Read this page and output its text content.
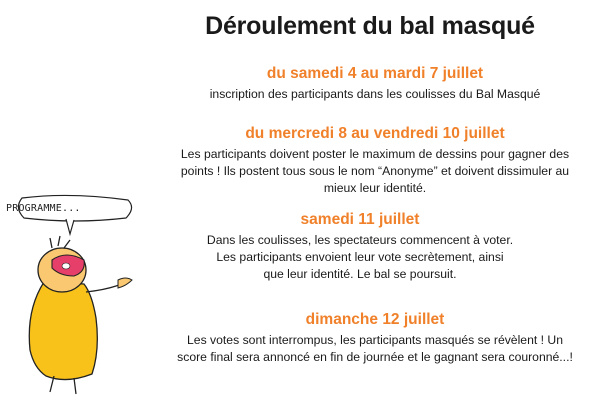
Déroulement du bal masqué

du samedi 4 au mardi 7 juillet

inscription des participants dans les coulisses du Bal Masqué

du mercredi 8 au vendredi 10 juillet

Les participants doivent poster le maximum de dessins pour gagner des
points ! Ils postent tous sous le nom “Anonyme” et doivent dissimuler au
mieux leur identité.

samedi 11 juillet

Dans les coulisses, les spectateurs commencent à voter.
Les participants envoient leur vote secrètement, ainsi
que leur identité. Le bal se poursuit.

dimanche 12 juillet

Les votes sont interrompus, les participants masqués se révèlent ! Un
score final sera annoncé en fin de journée et le gagnant sera couronné...!

PROGRAMME...
